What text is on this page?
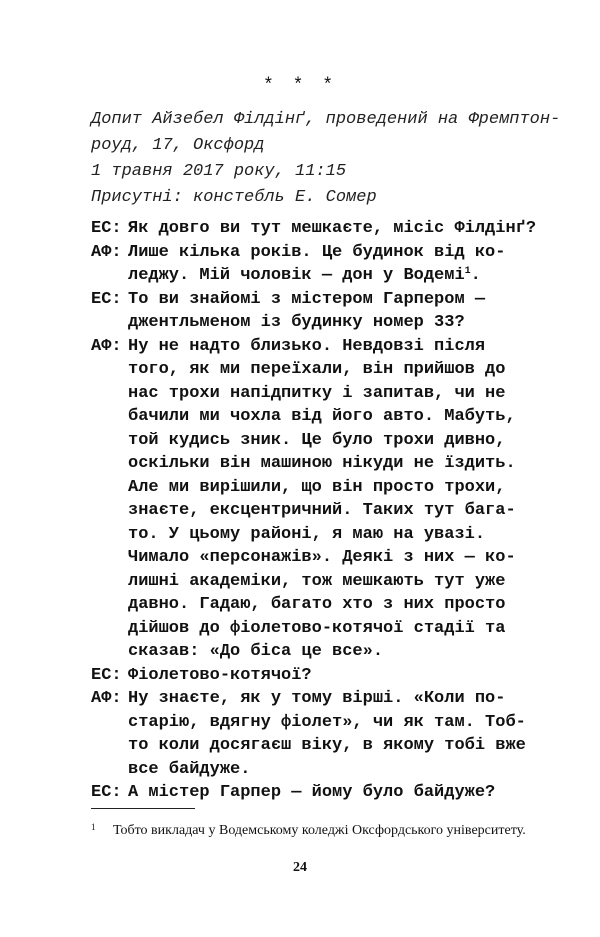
* * *
Допит Айзебел Філдінґ, проведений на Фремптон-
роуд, 17, Оксфорд
1 травня 2017 року, 11:15
Присутні: констебль Е. Сомер
ЕС: Як довго ви тут мешкаєте, місіс Філдінґ?
АФ: Лише кілька років. Це будинок від ко-
леджу. Мій чоловік — дон у Водемі$^1$.
ЕС: То ви знайомі з містером Гарпером —
джентльменом із будинку номер 33?
АФ: Ну не надто близько. Невдовзі після
того, як ми переїхали, він прийшов до
нас трохи напідпитку і запитав, чи не
бачили ми чохла від його авто. Мабуть,
той кудись зник. Це було трохи дивно,
оскільки він машиною нікуди не їздить.
Але ми вирішили, що він просто трохи,
знаєте, ексцентричний. Таких тут бага-
то. У цьому районі, я маю на увазі.
Чимало «персонажів». Деякі з них — ко-
лишні академіки, тож мешкають тут уже
давно. Гадаю, багато хто з них просто
дійшов до фіолетово-котячої стадії та
сказав: «До біса це все».
ЕС: Фіолетово-котячої?
АФ: Ну знаєте, як у тому вірші. «Коли по-
старію, вдягну фіолет», чи як там. Тоб-
то коли досягаєш віку, в якому тобі вже
все байдуже.
ЕС: А містер Гарпер — йому було байдуже?
1 Тобто викладач у Водемському коледжі Оксфордського університету.
24
